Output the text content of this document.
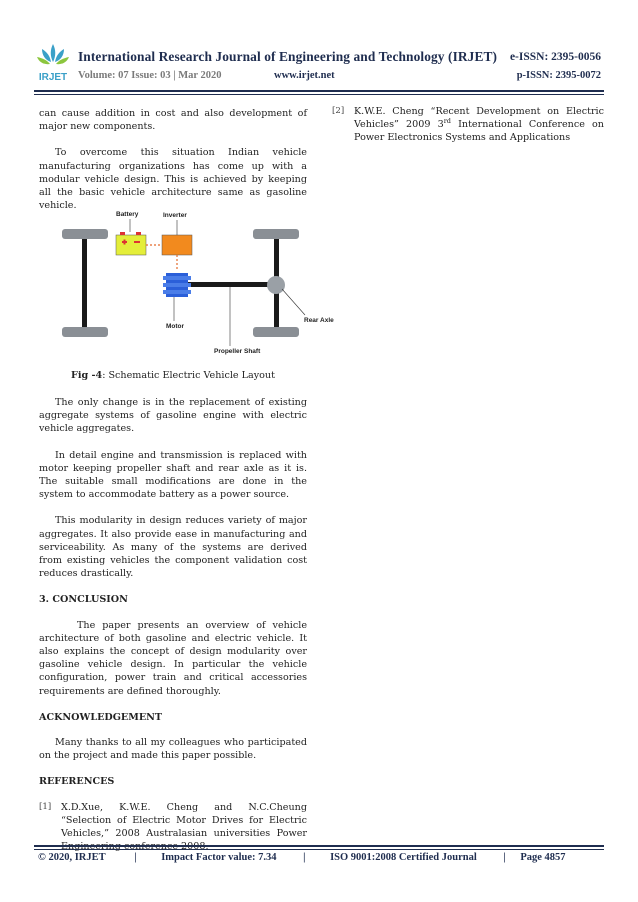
IRJET
International Research Journal of Engineering and Technology (IRJET) e-ISSN: 2395-0056
Volume: 07 Issue: 03 | Mar 2020	www.irjet.net	p-ISSN: 2395-0072

can cause addition in cost and also development of major new components.

To overcome this situation Indian vehicle manufacturing organizations has come up with a modular vehicle design. This is achieved by keeping all the basic vehicle architecture same as gasoline vehicle.

Battery	Inverter
Motor
Rear Axle
Propeller Shaft
Fig -4: Schematic Electric Vehicle Layout

The only change is in the replacement of existing aggregate systems of gasoline engine with electric vehicle aggregates.

In detail engine and transmission is replaced with motor keeping propeller shaft and rear axle as it is. The suitable small modifications are done in the system to accommodate battery as a power source.

This modularity in design reduces variety of major aggregates. It also provide ease in manufacturing and serviceability. As many of the systems are derived from existing vehicles the component validation cost reduces drastically.

3. CONCLUSION

The paper presents an overview of vehicle architecture of both gasoline and electric vehicle. It also explains the concept of design modularity over gasoline vehicle design. In particular the vehicle configuration, power train and critical accessories requirements are defined thoroughly.

ACKNOWLEDGEMENT

Many thanks to all my colleagues who participated on the project and made this paper possible.

REFERENCES
[1]	X.D.Xue, K.W.E. Cheng and N.C.Cheung “Selection of Electric Motor Drives for Electric Vehicles,” 2008 Australasian universities Power Engineering conference 2008.
[2]	K.W.E. Cheng “Recent Development on Electric Vehicles” 2009 3rd International Conference on Power Electronics Systems and Applications
© 2020, IRJET	| Impact Factor value: 7.34	| ISO 9001:2008 Certified Journal	| Page 4857
